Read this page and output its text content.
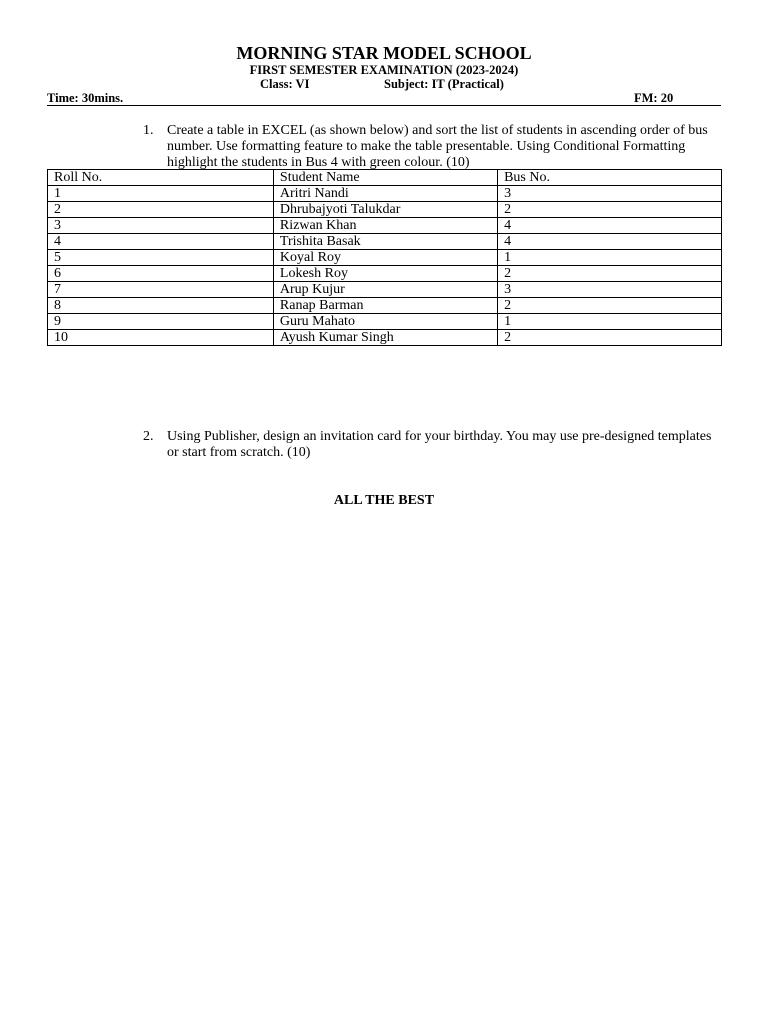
MORNING STAR MODEL SCHOOL
FIRST SEMESTER EXAMINATION (2023-2024)
Class: VI	Subject: IT (Practical)
Time: 30mins.	FM: 20
1. Create a table in EXCEL (as shown below) and sort the list of students in ascending order of bus number. Use formatting feature to make the table presentable. Using Conditional Formatting highlight the students in Bus 4 with green colour. (10)
Roll No.	Student Name	Bus No.
1	Aritri Nandi	3
2	Dhrubajyoti Talukdar	2
3	Rizwan Khan	4
4	Trishita Basak	4
5	Koyal Roy	1
6	Lokesh Roy	2
7	Arup Kujur	3
8	Ranap Barman	2
9	Guru Mahato	1
10	Ayush Kumar Singh	2
2. Using Publisher, design an invitation card for your birthday. You may use pre-designed templates or start from scratch. (10)
ALL THE BEST
